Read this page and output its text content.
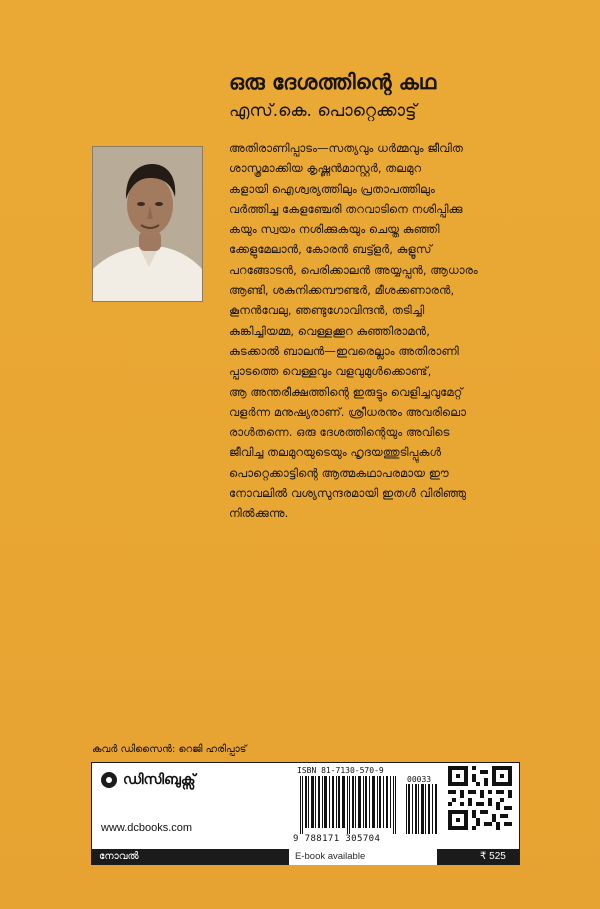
ഒരു ദേശത്തിന്റെ കഥ
എസ്.കെ. പൊറ്റെക്കാട്ട്
അതിരാണിപ്പാടം—സത്യവും ധർമ്മവും ജീവിത
ശാസ്ത്രമാക്കിയ കൃഷ്ണൻമാസ്റ്റർ, തലമുറ
കളായി ഐശ്വര്യത്തിലും പ്രതാപത്തിലും
വർത്തിച്ച കേളഞ്ചേരി തറവാടിനെ നശിപ്പിക്കു
കയും സ്വയം നശിക്കുകയും ചെയ്ത കുഞ്ഞി
ക്കേളുമേലാൻ, കോരൻ ബട്ട്ളർ, കുളൂസ്
പറങ്ങോടൻ, പെരിക്കാലൻ അയ്യപ്പൻ, ആധാരം
ആണ്ടി, ശകുനിക്കമ്പൗണ്ടർ, മീശക്കണാരൻ,
കൂനൻവേലു, ഞണ്ടുഗോവിന്ദൻ, തടിച്ചി
കുങ്കിച്ചിയമ്മ, വെള്ളക്കൂറ കുഞ്ഞിരാമൻ,
കുടക്കാൽ ബാലൻ—ഇവരെല്ലാം അതിരാണി
പ്പാടത്തെ വെള്ളവും വളവുമുൾക്കൊണ്ട്,
ആ അന്തരീക്ഷത്തിന്റെ ഇരുട്ടും വെളിച്ചവുമേറ്റ്
വളർന്ന മനുഷ്യരാണ്. ശ്രീധരനും അവരിലൊ
രാൾതന്നെ. ഒരു ദേശത്തിന്റെയും അവിടെ
ജീവിച്ച തലമുറയുടെയും ഹൃദയത്തുടിപ്പുകൾ
പൊറ്റെക്കാട്ടിന്റെ ആത്മകഥാപരമായ ഈ
നോവലിൽ വശ്യസുന്ദരമായി ഇതൾ വിരിഞ്ഞു
നിൽക്കുന്നു.
കവർ ഡിസൈൻ: റെജി ഹരിപ്പാട്
ഡിസിബുക്സ്
www.dcbooks.com
ISBN 81-7130-570-9
00033
9 788171 305704
നോവൽ	E-book available	₹ 525
